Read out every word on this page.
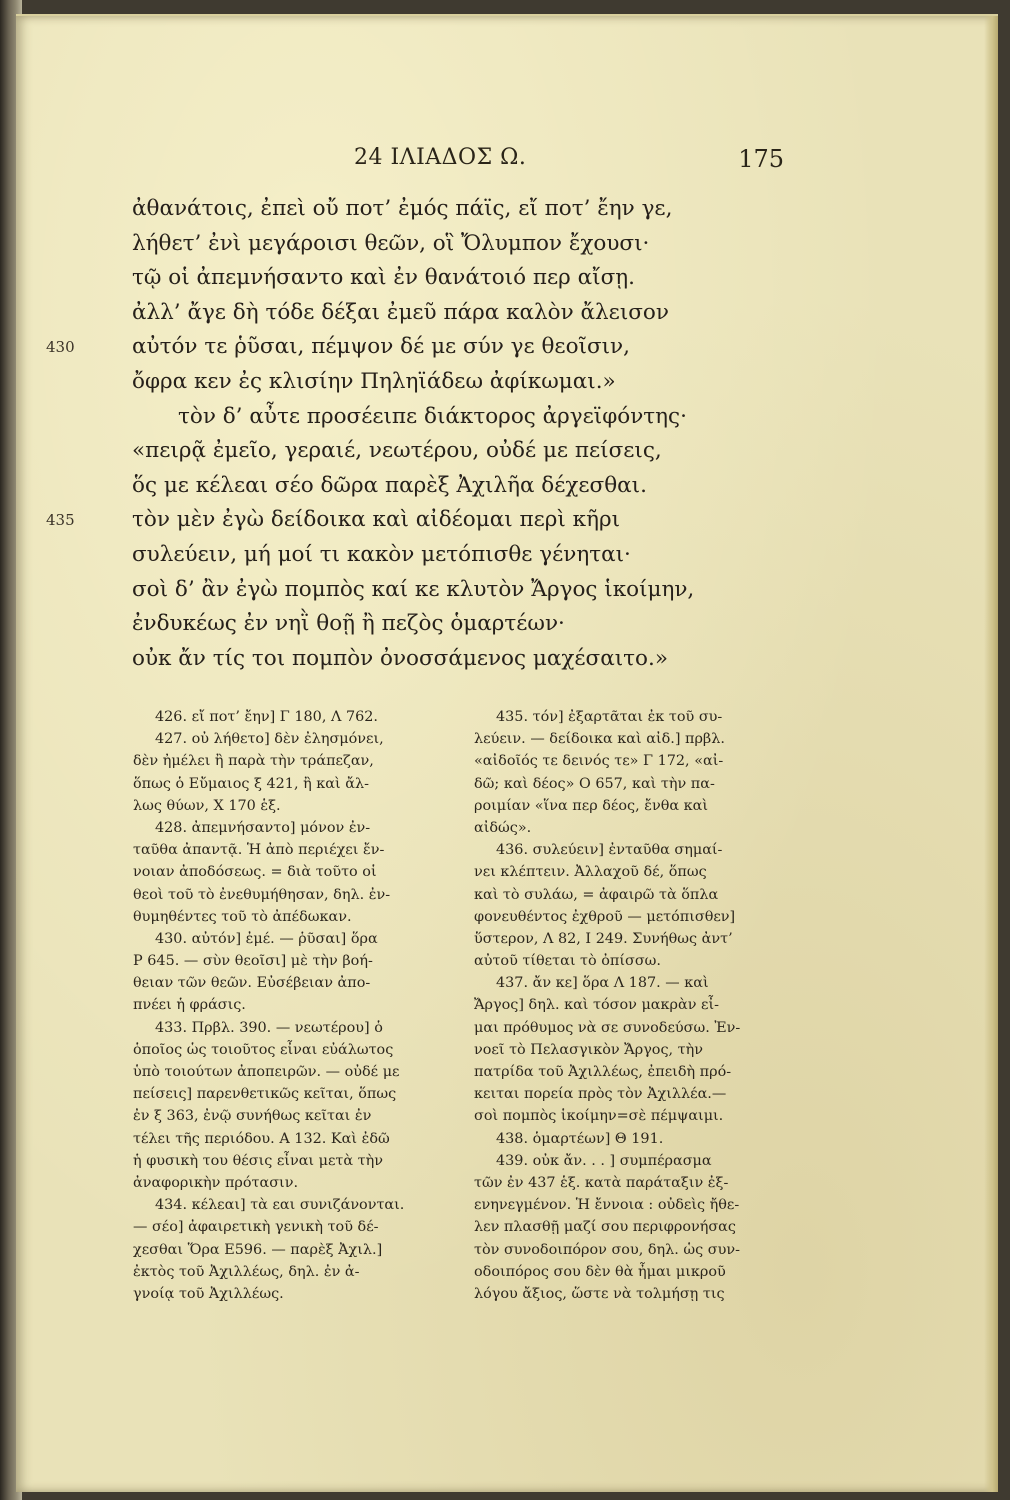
24 ΙΛΙΑΔΟΣ Ω.	175
ἀθανάτοις, ἐπεὶ οὔ ποτ’ ἐμός πάϊς, εἴ ποτ’ ἔην γε,
λήθετ’ ἐνὶ μεγάροισι θεῶν, οἳ Ὄλυμπον ἔχουσι·
τῷ οἱ ἀπεμνήσαντο καὶ ἐν θανάτοιό περ αἴσῃ.
ἀλλ’ ἄγε δὴ τόδε δέξαι ἐμεῦ πάρα καλὸν ἄλεισον
430	αὐτόν τε ῥῦσαι, πέμψον δέ με σύν γε θεοῖσιν,
ὄφρα κεν ἐς κλισίην Πηληϊάδεω ἀφίκωμαι.»
τὸν δ’ αὖτε προσέειπε διάκτορος ἀργεϊφόντης·
«πειρᾷ ἐμεῖο, γεραιέ, νεωτέρου, οὐδέ με πείσεις,
ὅς με κέλεαι σέο δῶρα παρὲξ Ἀχιλῆα δέχεσθαι.
435	τὸν μὲν ἐγὼ δείδοικα καὶ αἰδέομαι περὶ κῆρι
συλεύειν, μή μοί τι κακὸν μετόπισθε γένηται·
σοὶ δ’ ἂν ἐγὼ πομπὸς καί κε κλυτὸν Ἄργος ἱκοίμην,
ἐνδυκέως ἐν νηῒ θοῇ ἢ πεζὸς ὁμαρτέων·
οὐκ ἄν τίς τοι πομπὸν ὀνοσσάμενος μαχέσαιτο.»
426. εἴ ποτ’ ἔην] Γ 180, Λ 762.
427. οὐ λήθετο] δὲν ἐλησμόνει,
δὲν ἠμέλει ἢ παρὰ τὴν τράπεζαν,
ὅπως ὁ Εὔμαιος ξ 421, ἢ καὶ ἄλ-
λως θύων, Χ 170 ἑξ.
428. ἀπεμνήσαντο] μόνον ἐν-
ταῦθα ἀπαντᾷ. Ἡ ἀπὸ περιέχει ἔν-
νοιαν ἀποδόσεως. = διὰ τοῦτο οἱ
θεοὶ τοῦ τὸ ἐνεθυμήθησαν, δηλ. ἐν-
θυμηθέντες τοῦ τὸ ἀπέδωκαν.
430. αὐτόν] ἐμέ. — ῥῦσαι] ὅρα
Ρ 645. — σὺν θεοῖσι] μὲ τὴν βοή-
θειαν τῶν θεῶν. Εὐσέβειαν ἀπο-
πνέει ἡ φράσις.
433. Πρβλ. 390. — νεωτέρου] ὁ
ὁποῖος ὡς τοιοῦτος εἶναι εὐάλωτος
ὑπὸ τοιούτων ἀποπειρῶν. — οὐδέ με
πείσεις] παρενθετικῶς κεῖται, ὅπως
ἐν ξ 363, ἐνῷ συνήθως κεῖται ἐν
τέλει τῆς περιόδου. Α 132. Καὶ ἐδῶ
ἡ φυσικὴ του θέσις εἶναι μετὰ τὴν
ἀναφορικὴν πρότασιν.
434. κέλεαι] τὰ εαι συνιζάνονται.
— σέο] ἀφαιρετικὴ γενικὴ τοῦ δέ-
χεσθαι Ὅρα Ε596. — παρὲξ Ἀχιλ.]
ἐκτὸς τοῦ Ἀχιλλέως, δηλ. ἐν ἀ-
γνοίᾳ τοῦ Ἀχιλλέως.
435. τόν] ἐξαρτᾶται ἐκ τοῦ συ-
λεύειν. — δείδοικα καὶ αἰδ.] πρβλ.
«αἰδοῖός τε δεινός τε» Γ 172, «αἰ-
δῶ; καὶ δέος» Ο 657, καὶ τὴν πα-
ροιμίαν «ἵνα περ δέος, ἔνθα καὶ
αἰδώς».
436. συλεύειν] ἐνταῦθα σημαί-
νει κλέπτειν. Ἀλλαχοῦ δέ, ὅπως
καὶ τὸ συλάω, = ἀφαιρῶ τὰ ὅπλα
φονευθέντος ἐχθροῦ — μετόπισθεν]
ὕστερον, Λ 82, Ι 249. Συνήθως ἀντ’
αὐτοῦ τίθεται τὸ ὀπίσσω.
437. ἄν κε] ὅρα Λ 187. — καὶ
Ἄργος] δηλ. καὶ τόσον μακρὰν εἶ-
μαι πρόθυμος νὰ σε συνοδεύσω. Ἐν-
νοεῖ τὸ Πελασγικὸν Ἄργος, τὴν
πατρίδα τοῦ Ἀχιλλέως, ἐπειδὴ πρό-
κειται πορεία πρὸς τὸν Ἀχιλλέα.—
σοὶ πομπὸς ἱκοίμην=σὲ πέμψαιμι.
438. ὁμαρτέων] Θ 191.
439. οὐκ ἄν. . . ] συμπέρασμα
τῶν ἐν 437 ἑξ. κατὰ παράταξιν ἐξ-
ενηνεγμένον. Ἡ ἔννοια : οὐδεὶς ἤθε-
λεν πλασθῇ μαζί σου περιφρονήσας
τὸν συνοδοιπόρον σου, δηλ. ὡς συν-
οδοιπόρος σου δὲν θὰ ἦμαι μικροῦ
λόγου ἄξιος, ὥστε νὰ τολμήσῃ τις
